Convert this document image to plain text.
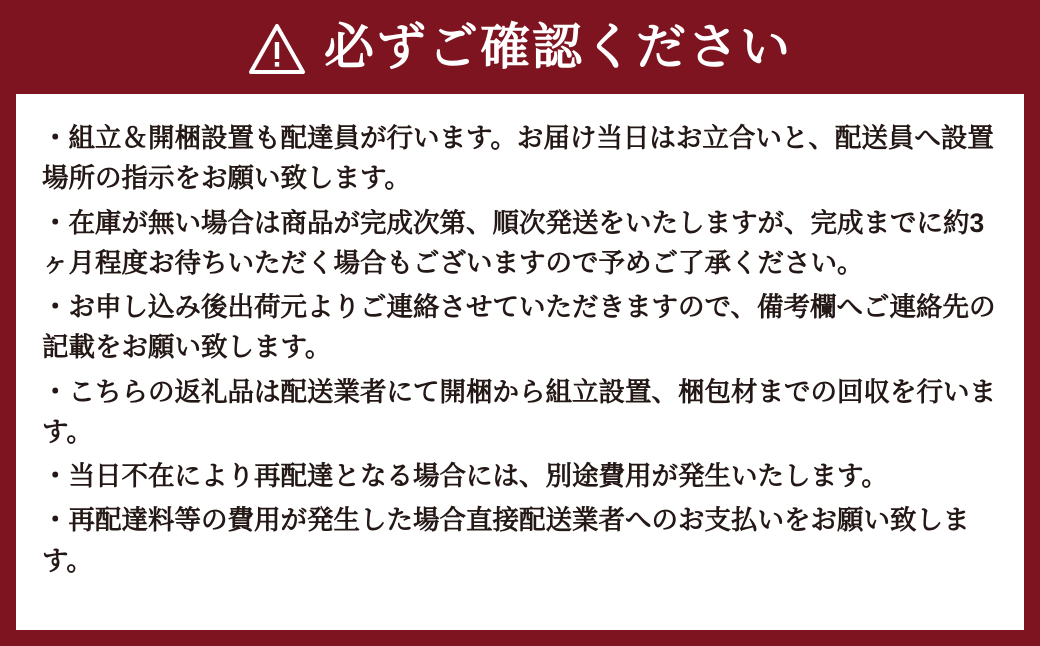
必ずご確認ください
・組立＆開梱設置も配達員が行います。お届け当日はお立合いと、配送員へ設置場所の指示をお願い致します。
・在庫が無い場合は商品が完成次第、順次発送をいたしますが、完成までに約3ヶ月程度お待ちいただく場合もございますので予めご了承ください。
・お申し込み後出荷元よりご連絡させていただきますので、備考欄へご連絡先の記載をお願い致します。
・こちらの返礼品は配送業者にて開梱から組立設置、梱包材までの回収を行います。
・当日不在により再配達となる場合には、別途費用が発生いたします。
・再配達料等の費用が発生した場合直接配送業者へのお支払いをお願い致します。
